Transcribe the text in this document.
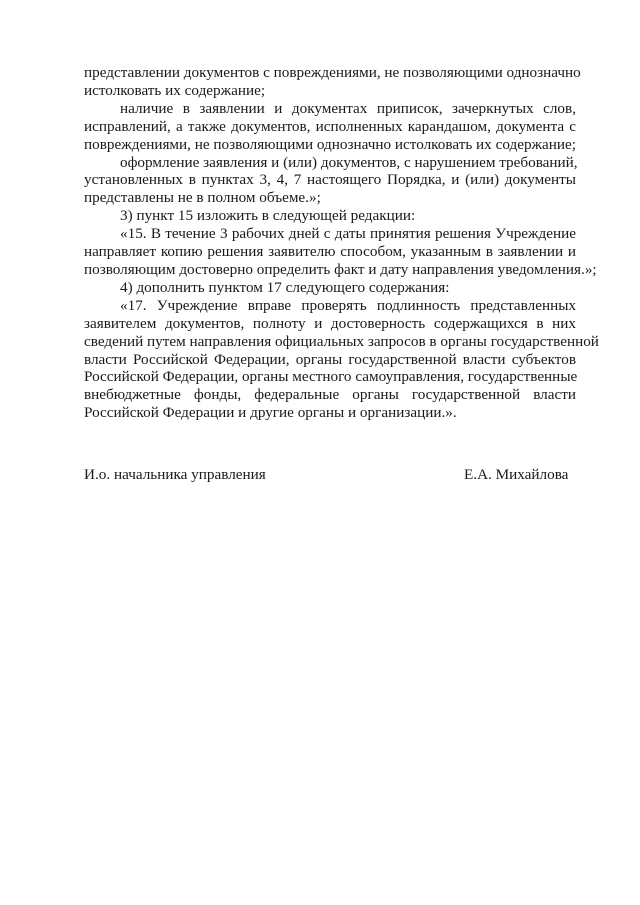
представлении документов с повреждениями, не позволяющими однозначно
истолковать их содержание;
наличие в заявлении и документах приписок, зачеркнутых слов,
исправлений, а также документов, исполненных карандашом, документа с
повреждениями, не позволяющими однозначно истолковать их содержание;
оформление заявления и (или) документов, с нарушением требований,
установленных в пунктах 3, 4, 7 настоящего Порядка, и (или) документы
представлены не в полном объеме.»;
3) пункт 15 изложить в следующей редакции:
«15. В течение 3 рабочих дней с даты принятия решения Учреждение
направляет копию решения заявителю способом, указанным в заявлении и
позволяющим достоверно определить факт и дату направления уведомления.»;
4) дополнить пунктом 17 следующего содержания:
«17. Учреждение вправе проверять подлинность представленных
заявителем документов, полноту и достоверность содержащихся в них
сведений путем направления официальных запросов в органы государственной
власти Российской Федерации, органы государственной власти субъектов
Российской Федерации, органы местного самоуправления, государственные
внебюджетные фонды, федеральные органы государственной власти
Российской Федерации и другие органы и организации.».
И.о. начальника управления	Е.А. Михайлова
